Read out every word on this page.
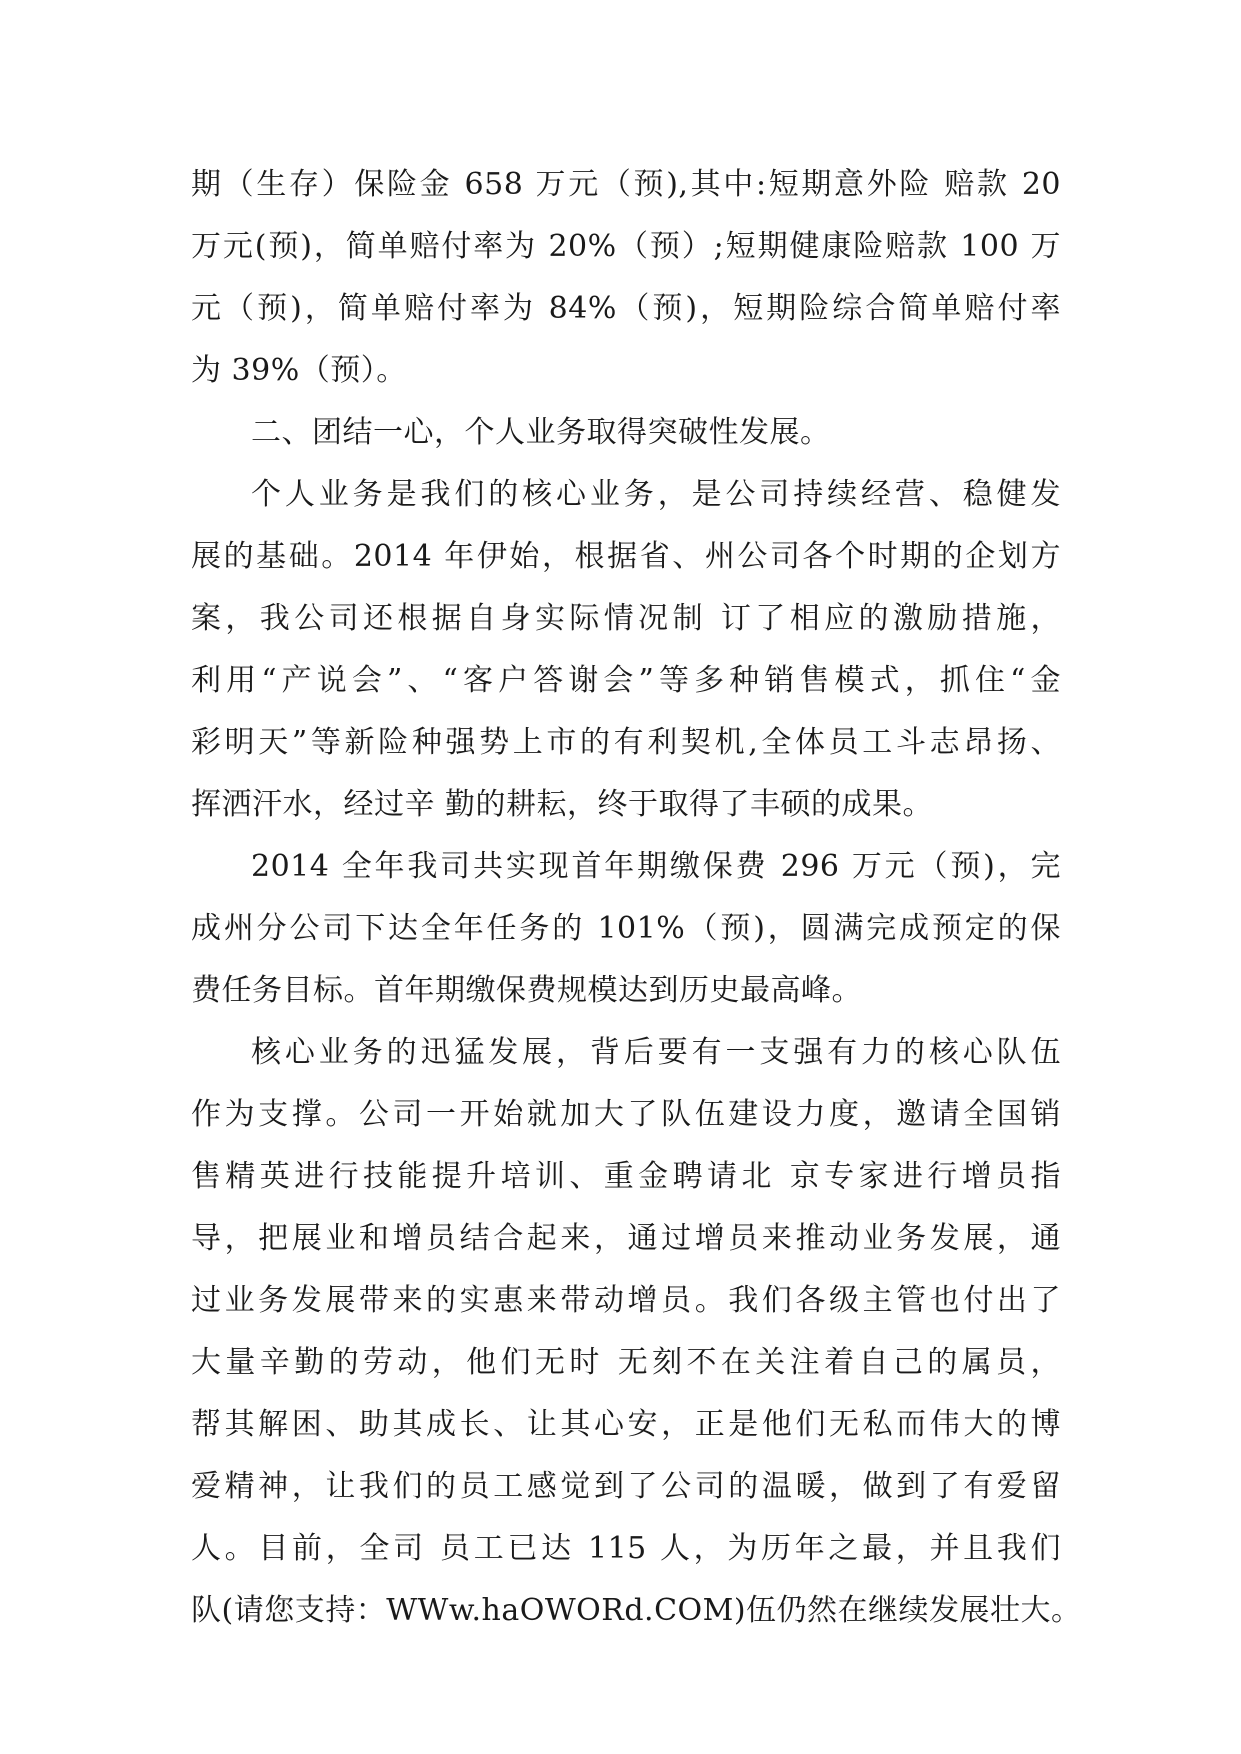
期（生存）保险金 658 万元（预),其中:短期意外险 赔款 20
万元(预)，简单赔付率为 20%（预）;短期健康险赔款 100 万
元（预)，简单赔付率为 84%（预)，短期险综合简单赔付率
为 39%（预）。
二、团结一心，个人业务取得突破性发展。
个人业务是我们的核心业务，是公司持续经营、稳健发
展的基础。2014 年伊始，根据省、州公司各个时期的企划方
案，我公司还根据自身实际情况制 订了相应的激励措施，
利用“产说会”、“客户答谢会”等多种销售模式，抓住“金
彩明天”等新险种强势上市的有利契机,全体员工斗志昂扬、
挥洒汗水，经过辛 勤的耕耘，终于取得了丰硕的成果。
2014 全年我司共实现首年期缴保费 296 万元（预)，完
成州分公司下达全年任务的 101%（预)，圆满完成预定的保
费任务目标。首年期缴保费规模达到历史最高峰。
核心业务的迅猛发展，背后要有一支强有力的核心队伍
作为支撑。公司一开始就加大了队伍建设力度，邀请全国销
售精英进行技能提升培训、重金聘请北 京专家进行增员指
导，把展业和增员结合起来，通过增员来推动业务发展，通
过业务发展带来的实惠来带动增员。我们各级主管也付出了
大量辛勤的劳动，他们无时 无刻不在关注着自己的属员，
帮其解困、助其成长、让其心安，正是他们无私而伟大的博
爱精神，让我们的员工感觉到了公司的温暖，做到了有爱留
人。目前，全司 员工已达 115 人，为历年之最，并且我们
队(请您支持：WWw.haOWORd.COM)伍仍然在继续发展壮大。
